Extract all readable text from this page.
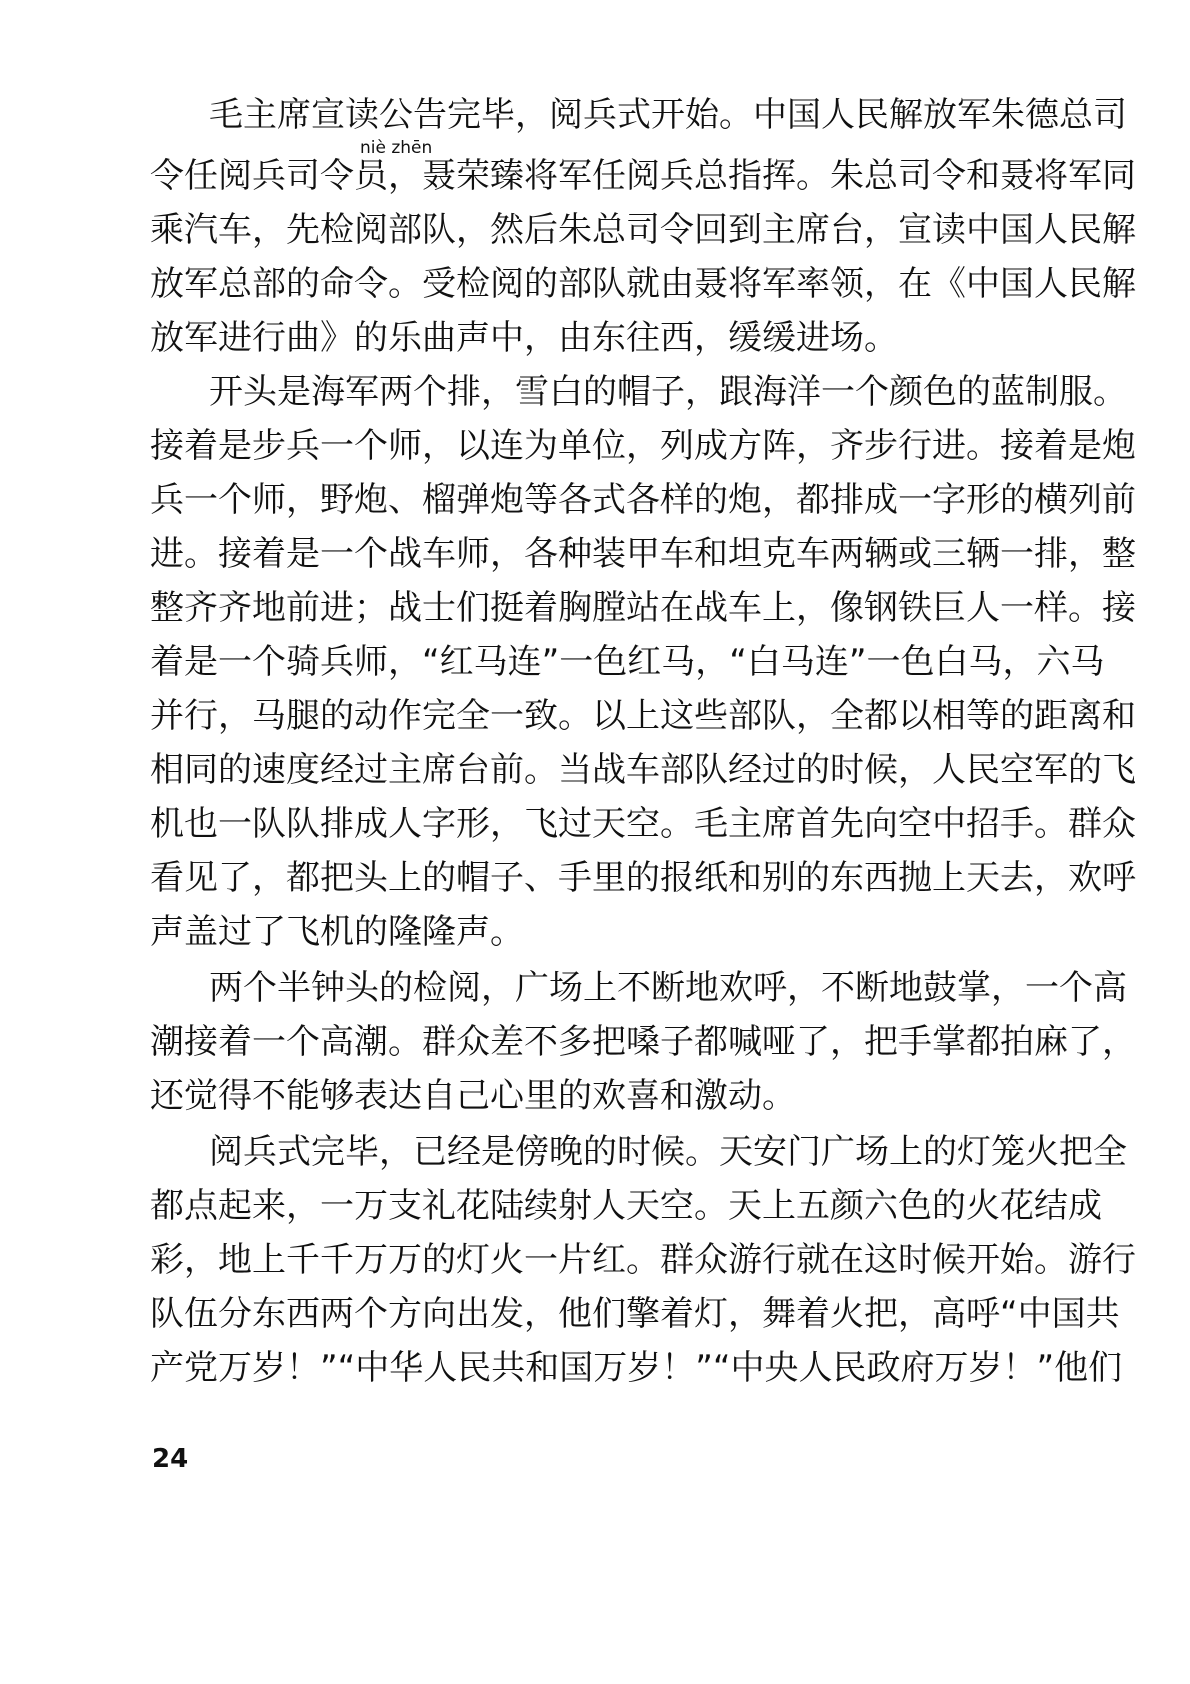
niè zhēn
毛主席宣读公告完毕，阅兵式开始。中国人民解放军朱德总司
令任阅兵司令员，聂荣臻将军任阅兵总指挥。朱总司令和聂将军同
乘汽车，先检阅部队，然后朱总司令回到主席台，宣读中国人民解
放军总部的命令。受检阅的部队就由聂将军率领，在《中国人民解
放军进行曲》的乐曲声中，由东往西，缓缓进场。
开头是海军两个排，雪白的帽子，跟海洋一个颜色的蓝制服。
接着是步兵一个师，以连为单位，列成方阵，齐步行进。接着是炮
兵一个师，野炮、榴弹炮等各式各样的炮，都排成一字形的横列前
进。接着是一个战车师，各种装甲车和坦克车两辆或三辆一排，整
整齐齐地前进；战士们挺着胸膛站在战车上，像钢铁巨人一样。接
着是一个骑兵师，“红马连”一色红马，“白马连”一色白马，六马
并行，马腿的动作完全一致。以上这些部队，全都以相等的距离和
相同的速度经过主席台前。当战车部队经过的时候，人民空军的飞
机也一队队排成人字形，飞过天空。毛主席首先向空中招手。群众
看见了，都把头上的帽子、手里的报纸和别的东西抛上天去，欢呼
声盖过了飞机的隆隆声。
两个半钟头的检阅，广场上不断地欢呼，不断地鼓掌，一个高
潮接着一个高潮。群众差不多把嗓子都喊哑了，把手掌都拍麻了，
还觉得不能够表达自己心里的欢喜和激动。
阅兵式完毕，已经是傍晚的时候。天安门广场上的灯笼火把全
都点起来，一万支礼花陆续射人天空。天上五颜六色的火花结成
彩，地上千千万万的灯火一片红。群众游行就在这时候开始。游行
队伍分东西两个方向出发，他们擎着灯，舞着火把，高呼“中国共
产党万岁！”“中华人民共和国万岁！”“中央人民政府万岁！”他们
24
